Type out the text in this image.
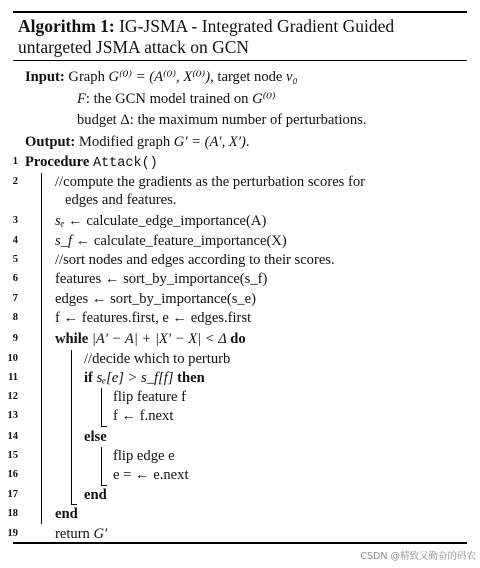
Algorithm 1: IG-JSMA - Integrated Gradient Guided untargeted JSMA attack on GCN
Input: Graph G⁽⁰⁾ = (A⁽⁰⁾, X⁽⁰⁾), target node v₀
F: the GCN model trained on G⁽⁰⁾
budget Δ: the maximum number of perturbations.
Output: Modified graph G′ = (A′, X′).
1 Procedure Attack()
2	//compute the gradients as the perturbation scores for
edges and features.
3	sₑ ← calculate_edge_importance(A)
4	s_f ← calculate_feature_importance(X)
5	//sort nodes and edges according to their scores.
6	features ← sort_by_importance(s_f)
7	edges ← sort_by_importance(s_e)
8	f ← features.first, e ← edges.first
9	while |A′ − A| + |X′ − X| < Δ do
10	//decide which to perturb
11	if sₑ[e] > s_f[f] then
12	flip feature f
13	f ← f.next
14	else
15	flip edge e
16	e = ← e.next
17	end
18	end
19	return G′
CSDN @精致又勤奋的码农
